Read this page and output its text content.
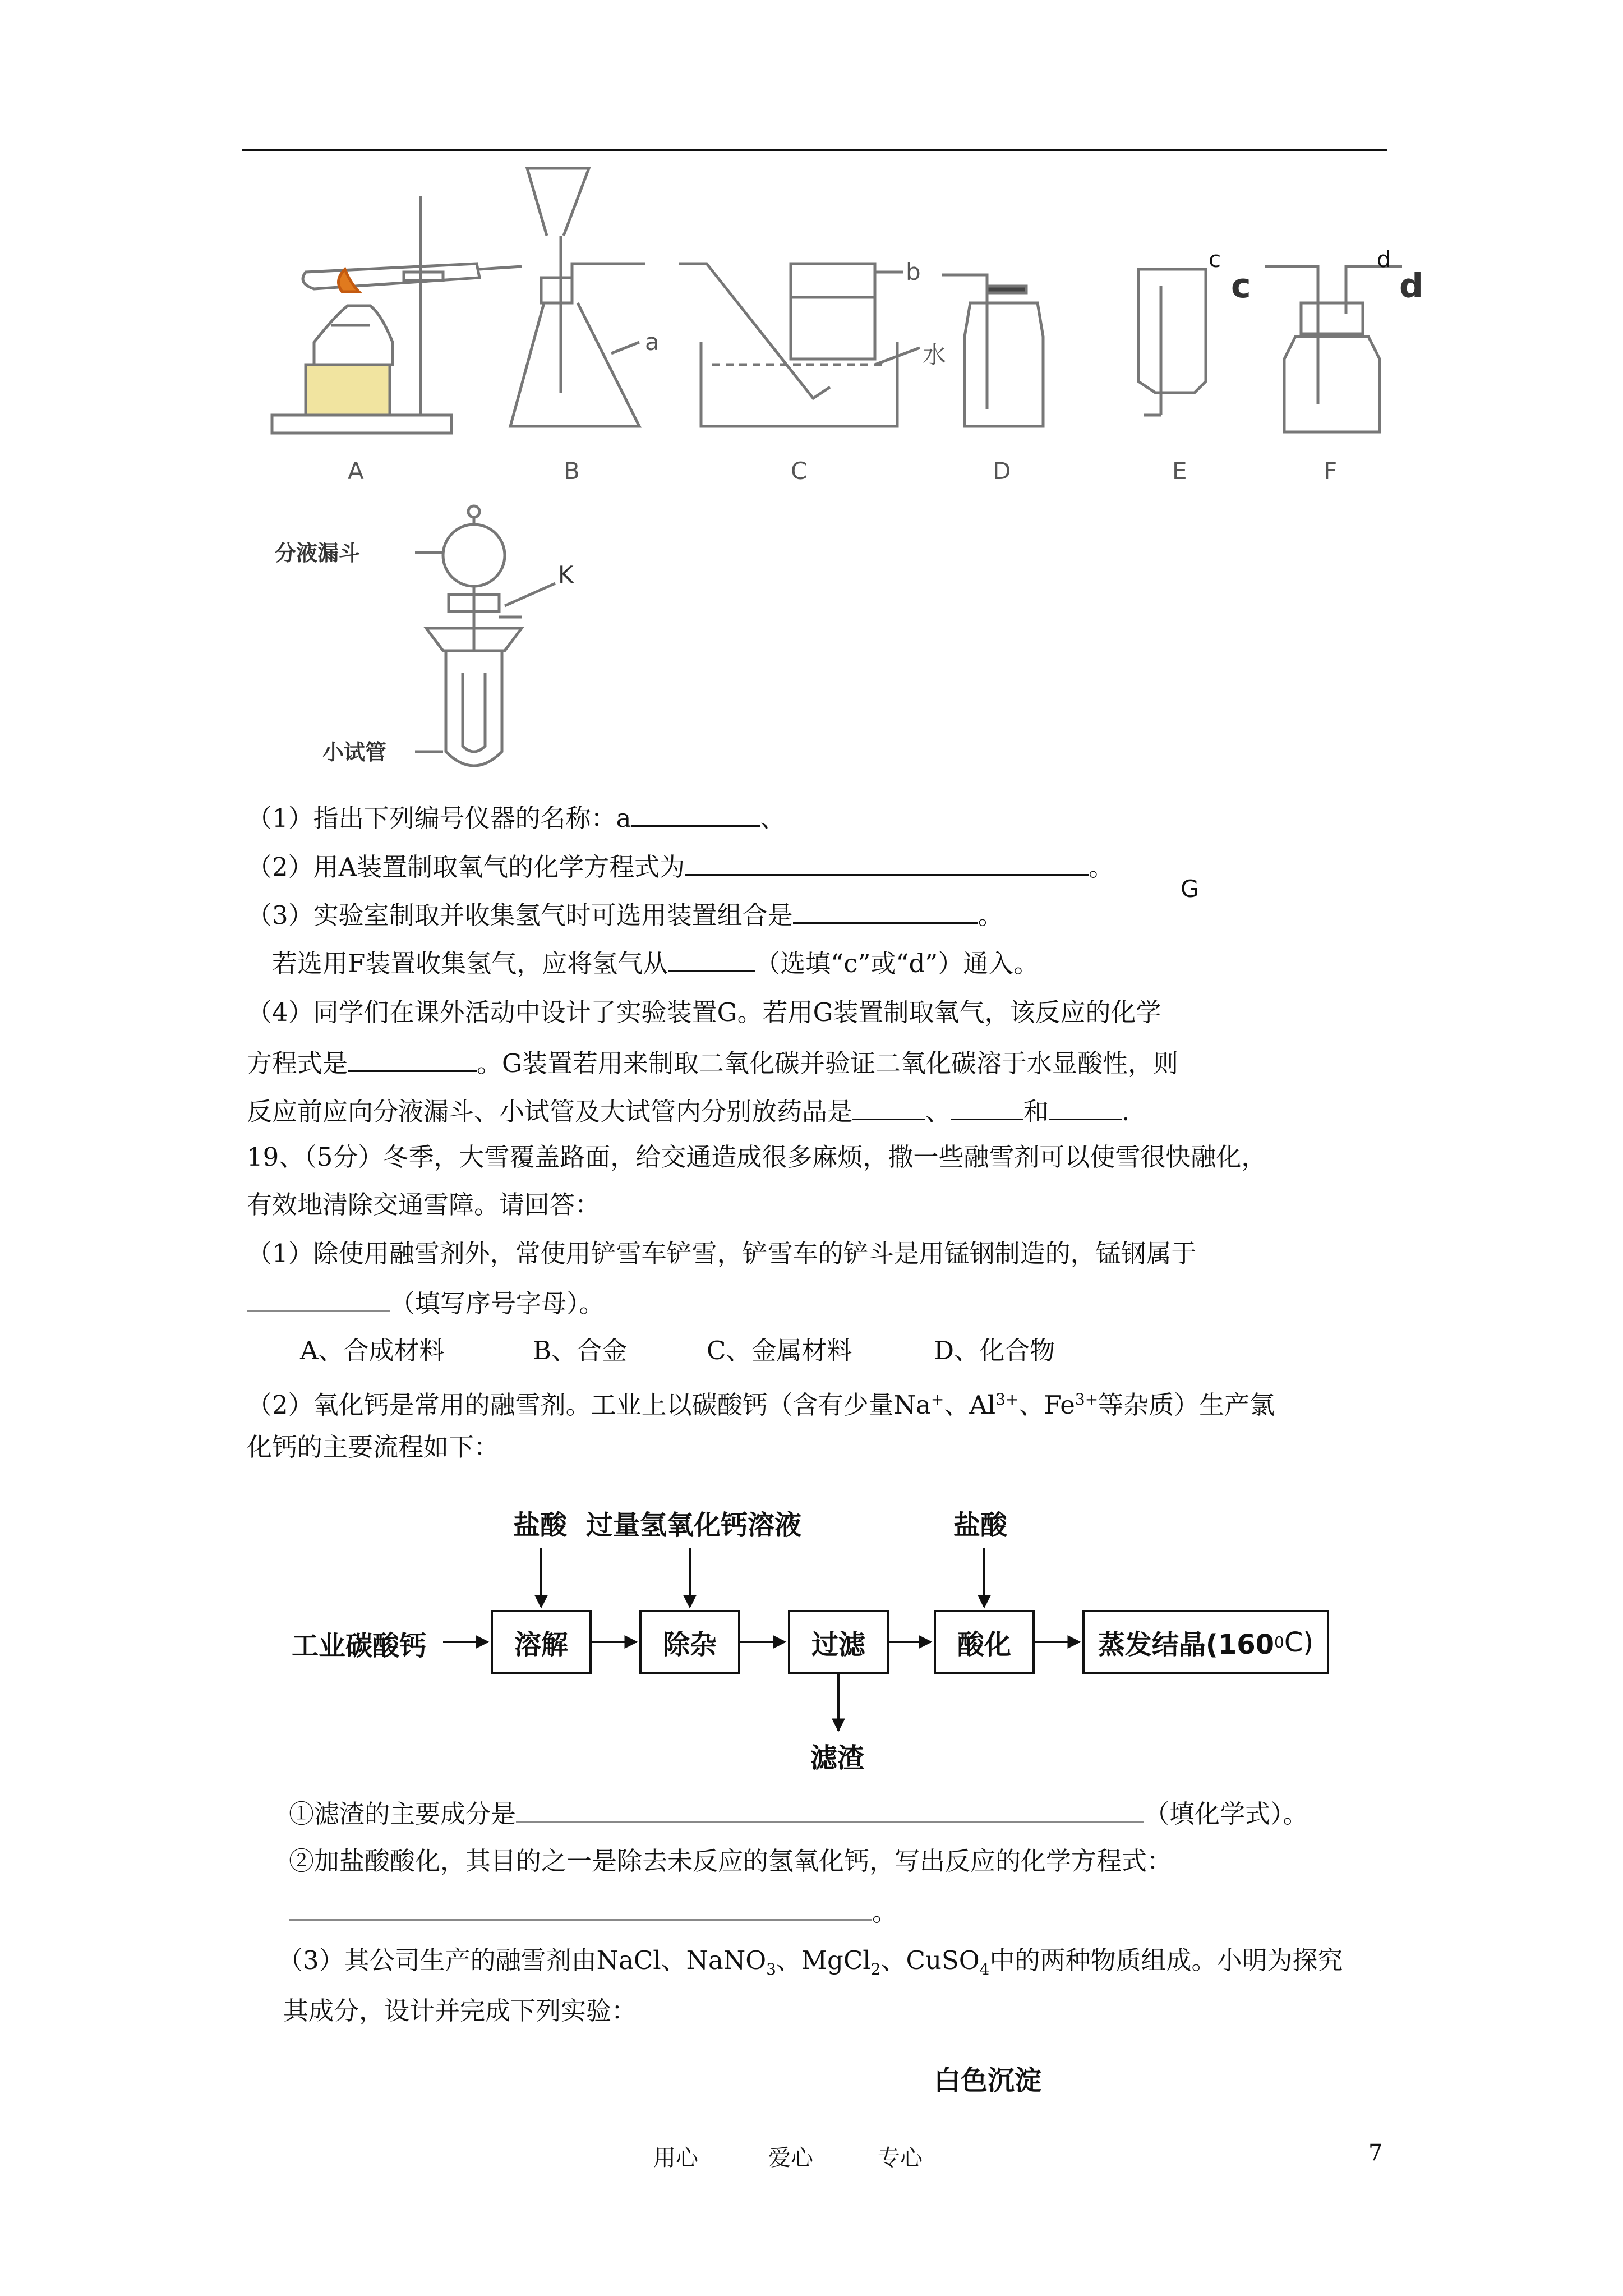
A	B	C	D	E	F
a
b
水
c
c
d
d
分液漏斗
K
小试管
G
（1）指出下列编号仪器的名称：a	、
（2）用A装置制取氧气的化学方程式为	。
（3）实验室制取并收集氢气时可选用装置组合是	。
若选用F装置收集氢气，应将氢气从	（选填“c”或“d”）通入。
（4）同学们在课外活动中设计了实验装置G。若用G装置制取氧气，该反应的化学
方程式是	。G装置若用来制取二氧化碳并验证二氧化碳溶于水显酸性，则
反应前应向分液漏斗、小试管及大试管内分别放药品是	、	和	.
19、（5分）冬季，大雪覆盖路面，给交通造成很多麻烦，撒一些融雪剂可以使雪很快融化，
有效地清除交通雪障。请回答：
（1）除使用融雪剂外，常使用铲雪车铲雪，铲雪车的铲斗是用锰钢制造的，锰钢属于
（填写序号字母）。
A、合成材料	B、合金	C、金属材料	D、化合物
（2）氧化钙是常用的融雪剂。工业上以碳酸钙（含有少量Na+、$Al^{3+}$、$Fe^{3+}$等杂质）生产氯
化钙的主要流程如下：
盐酸 过量氢氧化钙溶液	盐酸
工业碳酸钙	溶解	除杂	过滤	酸化	蒸发结晶(160 0 C)
滤渣
①滤渣的主要成分是	（填化学式）。
②加盐酸酸化，其目的之一是除去未反应的氢氧化钙，写出反应的化学方程式：
。
（3）其公司生产的融雪剂由NaCl、NaNO$_3$、MgCl$_2$、CuSO$_4$中的两种物质组成。小明为探究
其成分，设计并完成下列实验：
白色沉淀
用心	爱心	专心	7
